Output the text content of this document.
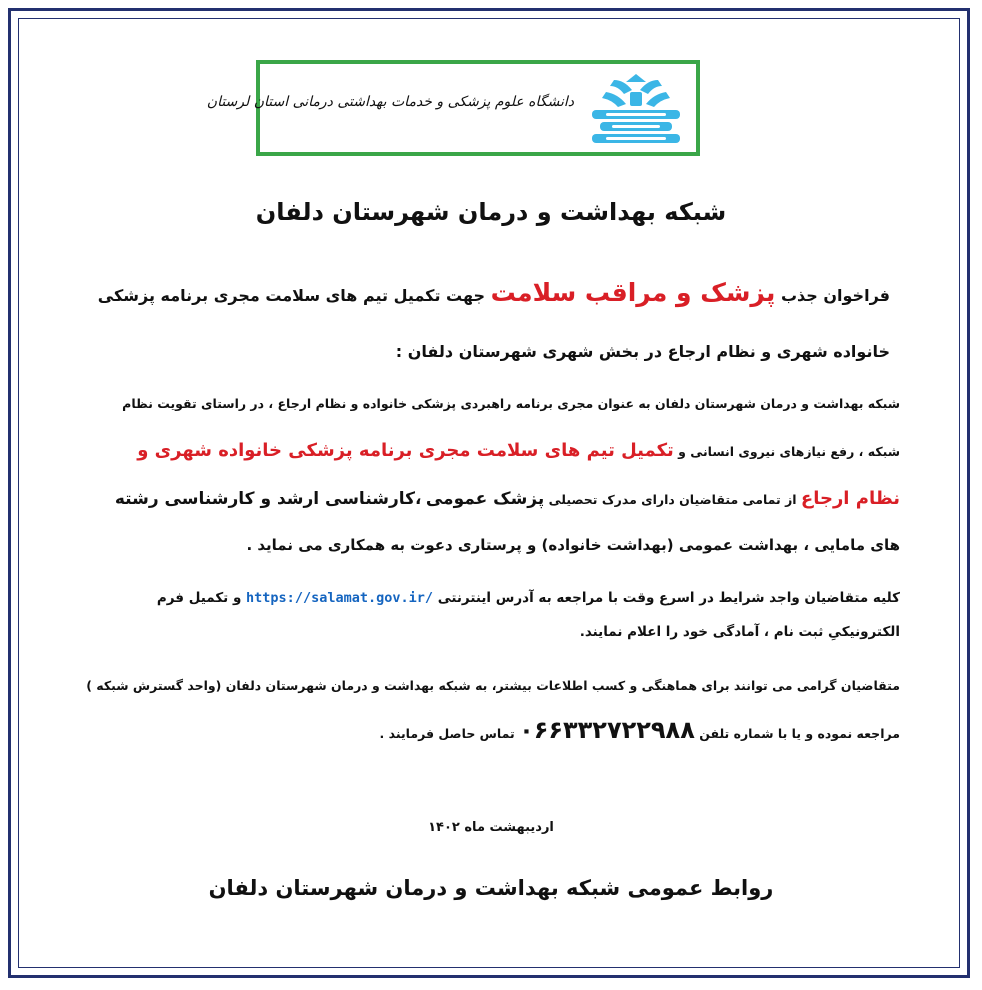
دانشگاه علوم پزشکی و خدمات بهداشتی درمانی استان لرستان
شبکه بهداشت و درمان شهرستان دلفان
فراخوان جذب پزشک و مراقب سلامت جهت تکمیل تیم های سلامت مجری برنامه پزشکی
خانواده شهری و نظام ارجاع در بخش شهری شهرستان دلفان :
شبکه بهداشت و درمان شهرستان دلفان به عنوان مجری برنامه راهبردی پزشکی خانواده و نظام ارجاع ، در راستای تقویت نظام
شبکه ، رفع نیازهای نیروی انسانی و تکمیل تیم های سلامت مجری برنامه پزشکی خانواده شهری و
نظام ارجاع از تمامی متقاضیان دارای مدرک تحصیلی پزشک عمومی ،کارشناسی ارشد و کارشناسی رشته
های مامایی ، بهداشت عمومی (بهداشت خانواده) و پرستاری دعوت به همکاری می نماید .
کلیه متقاضیان واجد شرایط در اسرع وقت با مراجعه به آدرس اینترنتی https://salamat.gov.ir/ و تکمیل فرم
الکترونیکیِ ثبت نام ، آمادگی خود را اعلام نمایند.
متقاضیان گرامی می توانند برای هماهنگی و کسب اطلاعات بیشتر، به شبکه بهداشت و درمان شهرستان دلفان (واحد گسترش شبکه )
مراجعه نموده و یا با شماره تلفن ۰۶۶۳۳۲۷۲۲۹۸۸ تماس حاصل فرمایند .
اردیبهشت ماه ۱۴۰۲
روابط عمومی شبکه بهداشت و درمان شهرستان دلفان
